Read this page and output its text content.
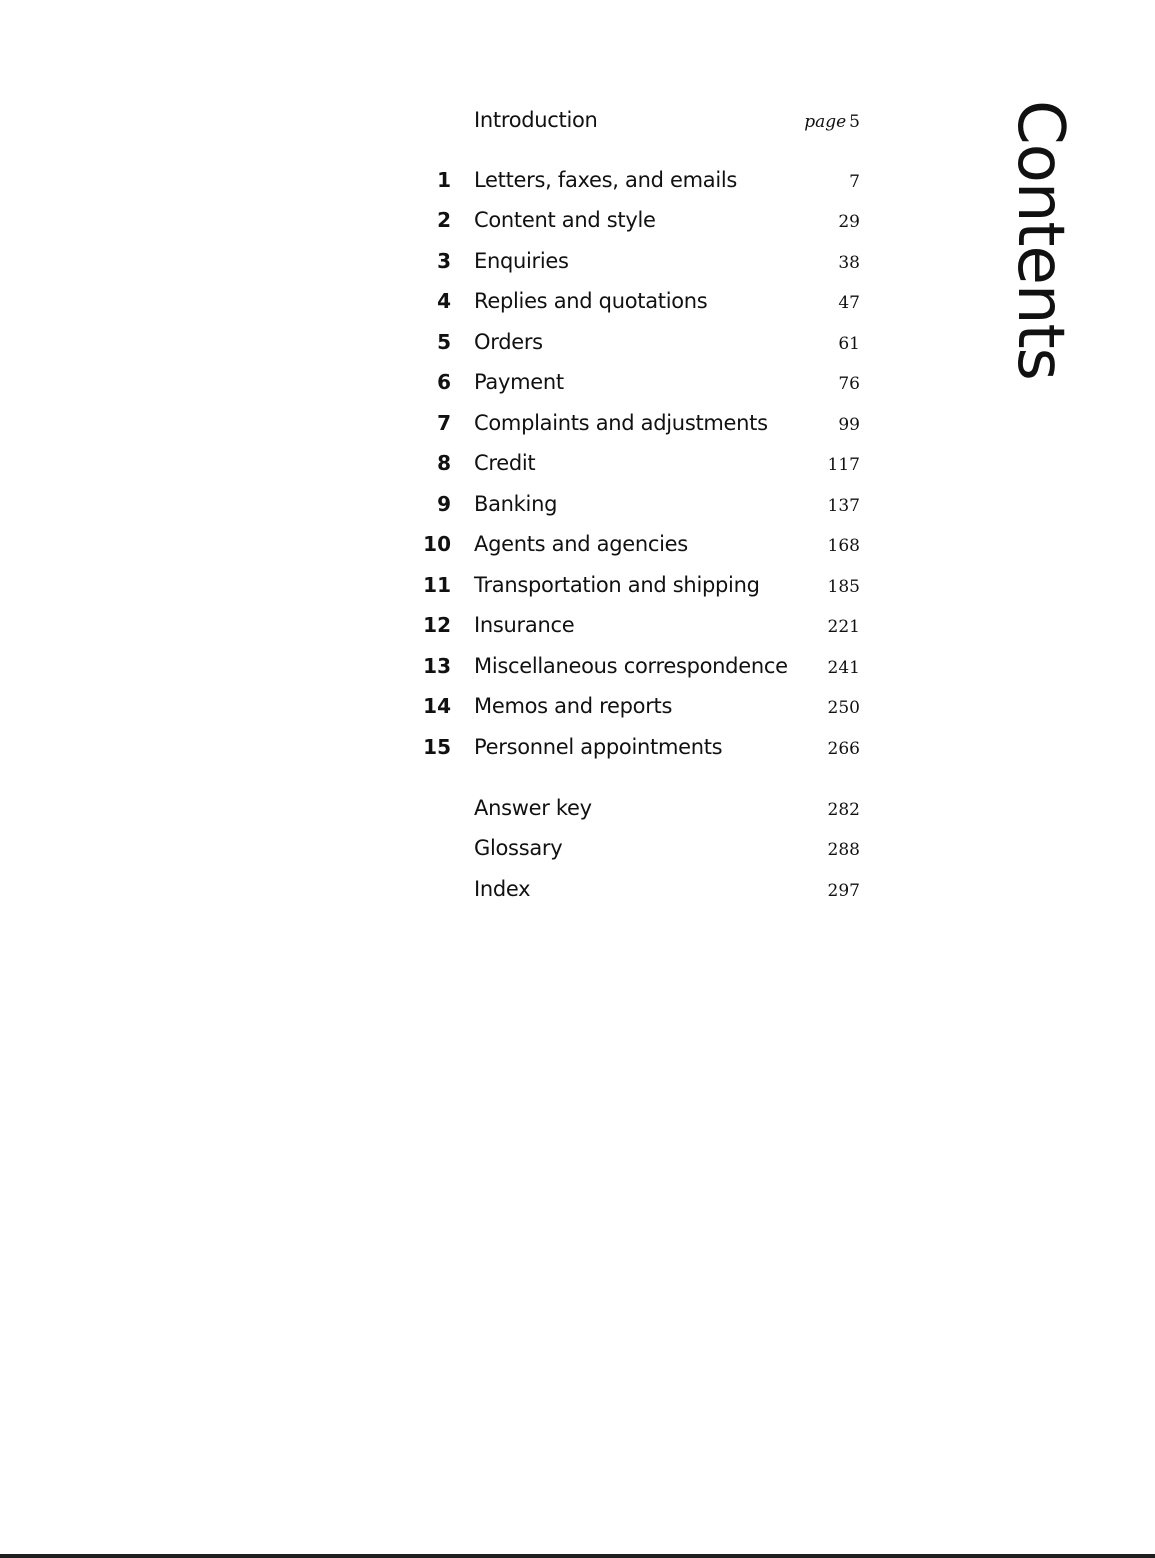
Introduction	page 5
1 Letters, faxes, and emails	7
2 Content and style	29
3 Enquiries	38
4 Replies and quotations	47
5 Orders	61
6 Payment	76
7 Complaints and adjustments	99
8 Credit	117
9 Banking	137
10 Agents and agencies	168
11 Transportation and shipping	185
12 Insurance	221
13 Miscellaneous correspondence	241
14 Memos and reports	250
15 Personnel appointments	266
Answer key	282
Glossary	288
Index	297
Contents
